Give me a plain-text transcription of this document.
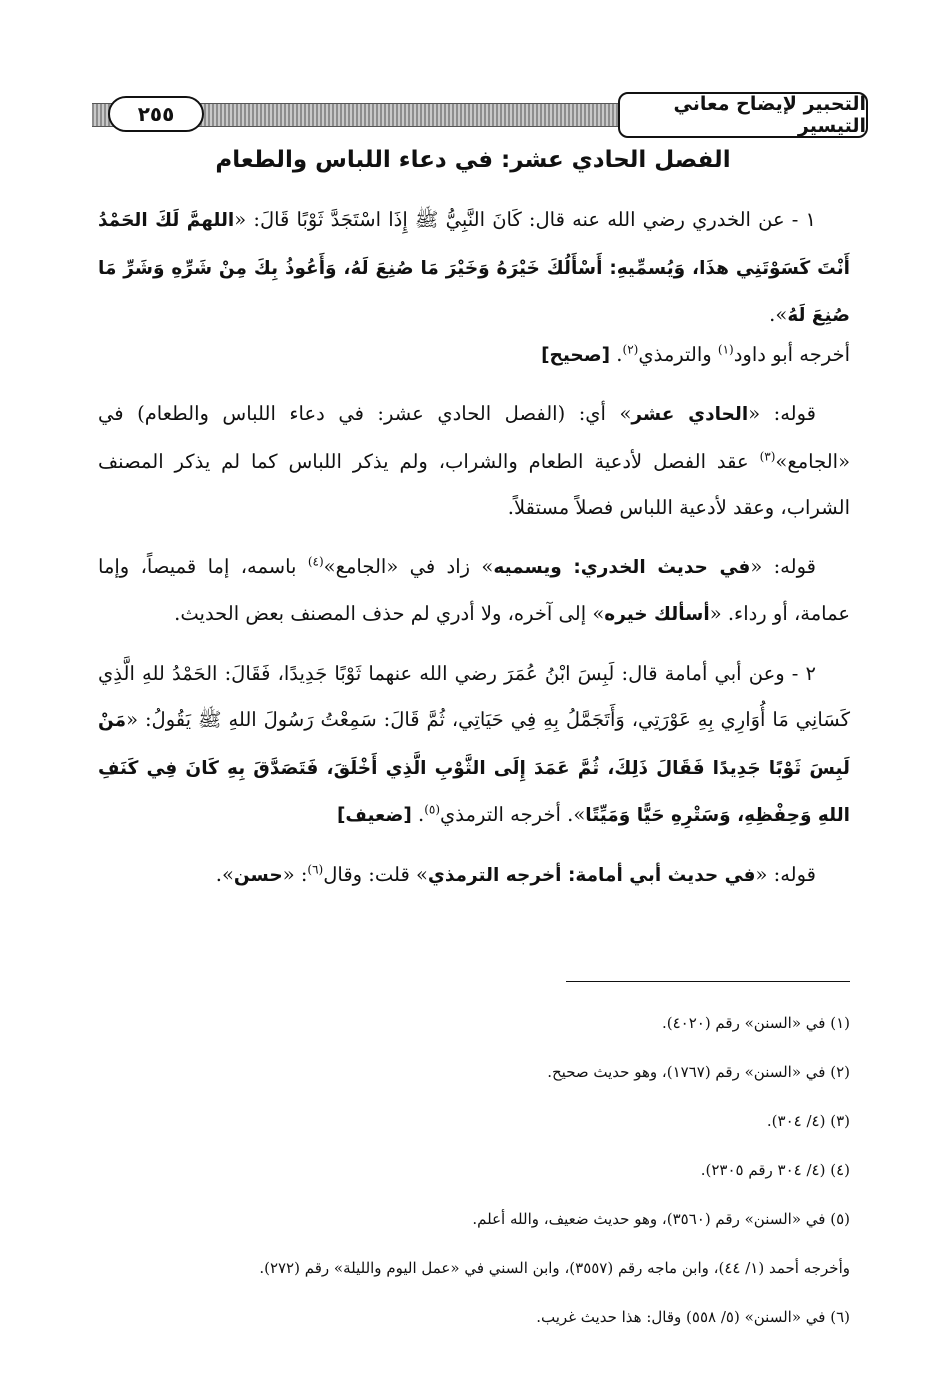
التحبير لإيضاح معاني التيسير
٢٥٥
الفصل الحادي عشر: في دعاء اللباس والطعام

١ - عن الخدري رضي الله عنه قال: كَانَ النَّبِيُّ ﷺ إِذَا اسْتَجَدَّ ثَوْبًا قَالَ: «اللهمَّ لَكَ الحَمْدُ أَنْتَ كَسَوْتَنِي هذَا، وَيُسمِّيهِ: أَسْأَلُكَ خَيْرَهُ وَخَيْرَ مَا صُنِعَ لَهُ، وَأَعُوذُ بِكَ مِنْ شَرِّهِ وَشَرِّ مَا صُنِعَ لَهُ».

أخرجه أبو داود$^{(١)}$ والترمذي$^{(٢)}$. [صحيح]

قوله: «الحادي عشر» أي: (الفصل الحادي عشر: في دعاء اللباس والطعام) في «الجامع»$^{(٣)}$ عقد الفصل لأدعية الطعام والشراب، ولم يذكر اللباس كما لم يذكر المصنف الشراب، وعقد لأدعية اللباس فصلاً مستقلاً.

قوله: «في حديث الخدري: ويسميه» زاد في «الجامع»$^{(٤)}$ باسمه، إما قميصاً، وإما عمامة، أو رداء. «أسألك خيره» إلى آخره، ولا أدري لم حذف المصنف بعض الحديث.

٢ - وعن أبي أمامة قال: لَبِسَ ابْنُ عُمَرَ رضي الله عنهما ثَوْبًا جَدِيدًا، فَقَالَ: الحَمْدُ للهِ الَّذِي كَسَانِي مَا أُوَارِي بِهِ عَوْرَتِي، وَأَتَجَمَّلُ بِهِ فِي حَيَاتِي، ثُمَّ قَالَ: سَمِعْتُ رَسُولَ اللهِ ﷺ يَقُولُ: «مَنْ لَبِسَ ثَوْبًا جَدِيدًا فَقَالَ ذَلِكَ، ثُمَّ عَمَدَ إِلَى الثَّوْبِ الَّذِي أَخْلَقَ، فَتَصَدَّقَ بِهِ كَانَ فِي كَنَفِ اللهِ وَحِفْظِهِ، وَسَتْرِهِ حَيًّا وَمَيِّتًا». أخرجه الترمذي$^{(٥)}$. [ضعيف]

قوله: «في حديث أبي أمامة: أخرجه الترمذي» قلت: وقال$^{(٦)}$: «حسن».

(١) في «السنن» رقم (٤٠٢٠).

(٢) في «السنن» رقم (١٧٦٧)، وهو حديث صحيح.

(٣) (٤/ ٣٠٤).

(٤) (٤/ ٣٠٤ رقم ٢٣٠٥).

(٥) في «السنن» رقم (٣٥٦٠)، وهو حديث ضعيف، والله أعلم.

وأخرجه أحمد (١/ ٤٤)، وابن ماجه رقم (٣٥٥٧)، وابن السني في «عمل اليوم والليلة» رقم (٢٧٢).

(٦) في «السنن» (٥/ ٥٥٨) وقال: هذا حديث غريب.
